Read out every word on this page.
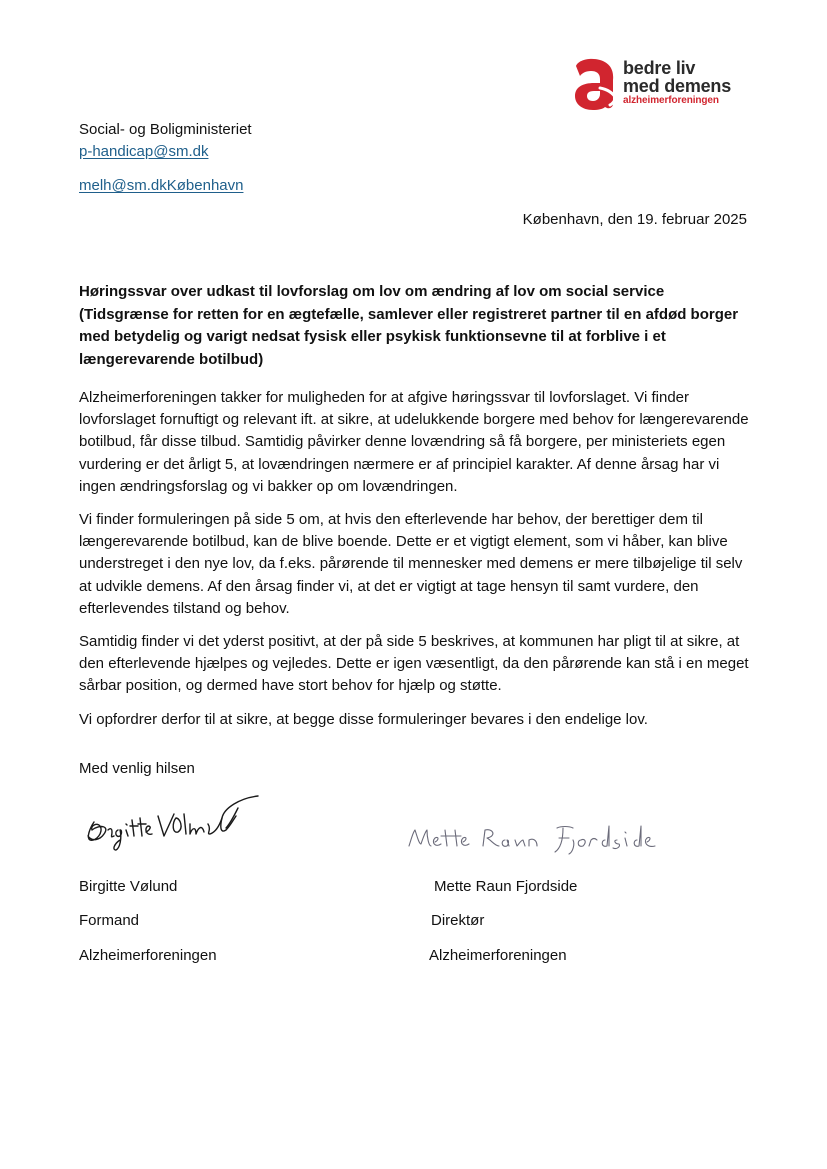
bedre liv
med demens
alzheimerforeningen
Social- og Boligministeriet
p-handicap@sm.dk
melh@sm.dkKøbenhavn
København, den 19. februar 2025
Høringssvar over udkast til lovforslag om lov om ændring af lov om social service (Tidsgrænse for retten for en ægtefælle, samlever eller registreret partner til en afdød borger med betydelig og varigt nedsat fysisk eller psykisk funktionsevne til at forblive i et længerevarende botilbud)

Alzheimerforeningen takker for muligheden for at afgive høringssvar til lovforslaget. Vi finder lovforslaget fornuftigt og relevant ift. at sikre, at udelukkende borgere med behov for længerevarende botilbud, får disse tilbud. Samtidig påvirker denne lovændring så få borgere, per ministeriets egen vurdering er det årligt 5, at lovændringen nærmere er af principiel karakter. Af denne årsag har vi ingen ændringsforslag og vi bakker op om lovændringen.

Vi finder formuleringen på side 5 om, at hvis den efterlevende har behov, der berettiger dem til længerevarende botilbud, kan de blive boende. Dette er et vigtigt element, som vi håber, kan blive understreget i den nye lov, da f.eks. pårørende til mennesker med demens er mere tilbøjelige til selv at udvikle demens. Af den årsag finder vi, at det er vigtigt at tage hensyn til samt vurdere, den efterlevendes tilstand og behov.

Samtidig finder vi det yderst positivt, at der på side 5 beskrives, at kommunen har pligt til at sikre, at den efterlevende hjælpes og vejledes. Dette er igen væsentligt, da den pårørende kan stå i en meget sårbar position, og dermed have stort behov for hjælp og støtte.

Vi opfordrer derfor til at sikre, at begge disse formuleringer bevares i den endelige lov.

Med venlig hilsen
Birgitte Vølund
Formand
Alzheimerforeningen
Mette Raun Fjordside
Direktør
Alzheimerforeningen
